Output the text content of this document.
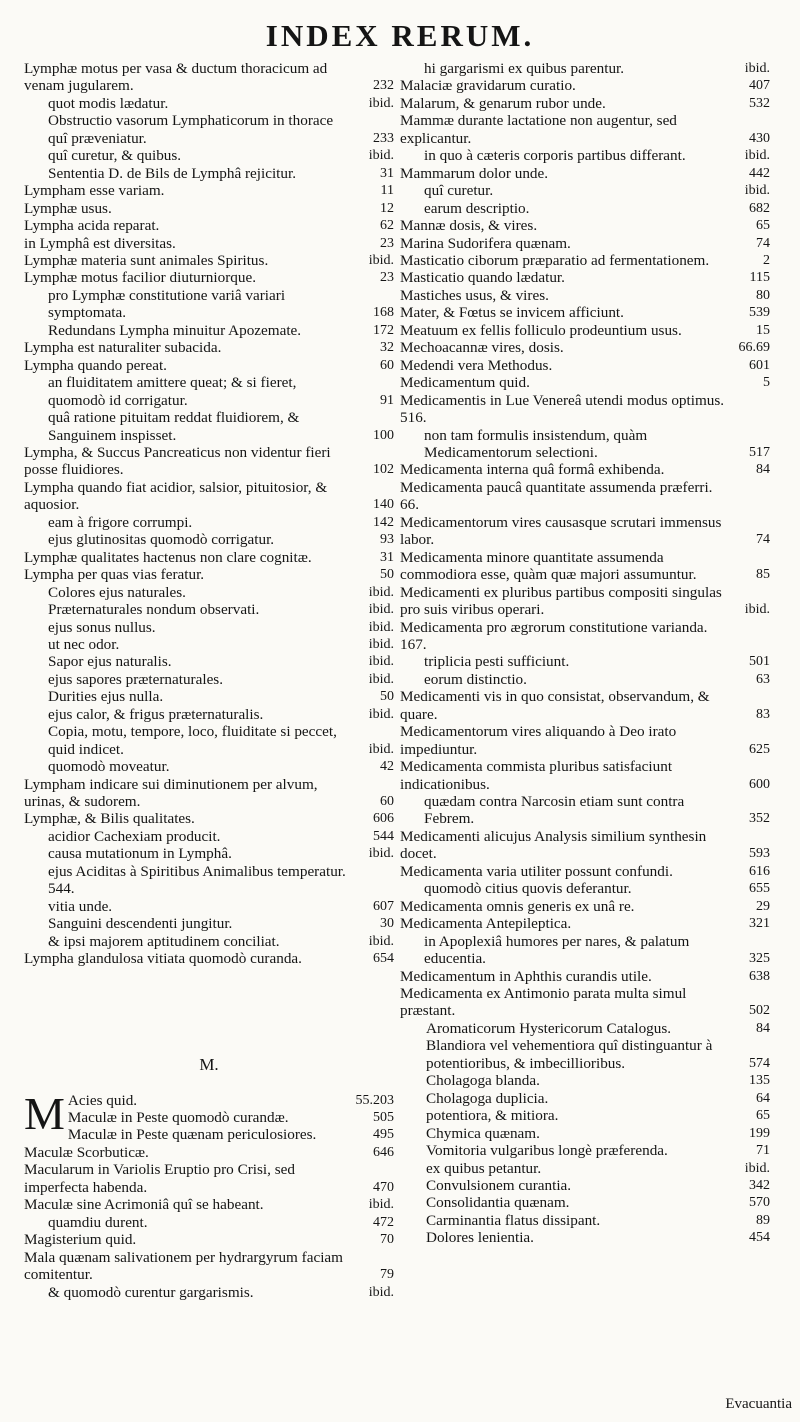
INDEX RERUM.
Lymphæ motus per vasa & ductum thoracicum ad venam jugularem.	232
quot modis lædatur.	ibid.
Obstructio vasorum Lymphaticorum in thorace quî præveniatur.	233
quî curetur, & quibus.	ibid.
Sententia D. de Bils de Lymphâ rejicitur.	31
Lympham esse variam.	11
Lymphæ usus.	12
Lympha acida reparat.	62
in Lymphâ est diversitas.	23
Lymphæ materia sunt animales Spiritus.	ibid.
Lymphæ motus facilior diuturniorque.	23
pro Lymphæ constitutione variâ variari symptomata.	168
Redundans Lympha minuitur Apozemate.	172
Lympha est naturaliter subacida.	32
Lympha quando pereat.	60
an fluiditatem amittere queat; & si fieret, quomodò id corrigatur.	91
quâ ratione pituitam reddat fluidiorem, & Sanguinem inspisset.	100
Lympha, & Succus Pancreaticus non videntur fieri posse fluidiores.	102
Lympha quando fiat acidior, salsior, pituitosior, & aquosior.	140
eam à frigore corrumpi.	142
ejus glutinositas quomodò corrigatur.	93
Lymphæ qualitates hactenus non clare cognitæ.	31
Lympha per quas vias feratur.	50
Colores ejus naturales.	ibid.
Præternaturales nondum observati.	ibid.
ejus sonus nullus.	ibid.
ut nec odor.	ibid.
Sapor ejus naturalis.	ibid.
ejus sapores præternaturales.	ibid.
Durities ejus nulla.	50
ejus calor, & frigus præternaturalis.	ibid.
Copia, motu, tempore, loco, fluiditate si peccet, quid indicet.	ibid.
quomodò moveatur.	42
Lympham indicare sui diminutionem per alvum, urinas, & sudorem.	60
Lymphæ, & Bilis qualitates.	606
acidior Cachexiam producit.	544
causa mutationum in Lymphâ.	ibid.
ejus Aciditas à Spiritibus Animalibus temperatur. 544.
vitia unde.	607
Sanguini descendenti jungitur.	30
& ipsi majorem aptitudinem conciliat.	ibid.
Lympha glandulosa vitiata quomodò curanda.	654
M.
M Acies quid.	55.203
Maculæ in Peste quomodò curandæ.	505
Maculæ in Peste quænam periculosiores.	495
Maculæ Scorbuticæ.	646
Macularum in Variolis Eruptio pro Crisi, sed imperfecta habenda.	470
Maculæ sine Acrimoniâ quî se habeant.	ibid.
quamdiu durent.	472
Magisterium quid.	70
Mala quænam salivationem per hydrargyrum faciam comitentur.	79
& quomodò curentur gargarismis.	ibid.
hi gargarismi ex quibus parentur.	ibid.
Malaciæ gravidarum curatio.	407
Malarum, & genarum rubor unde.	532
Mammæ durante lactatione non augentur, sed explicantur.	430
in quo à cæteris corporis partibus differant.	ibid.
Mammarum dolor unde.	442
quî curetur.	ibid.
earum descriptio.	682
Mannæ dosis, & vires.	65
Marina Sudorifera quænam.	74
Masticatio ciborum præparatio ad fermentationem.	2
Masticatio quando lædatur.	115
Mastiches usus, & vires.	80
Mater, & Fœtus se invicem afficiunt.	539
Meatuum ex fellis folliculo prodeuntium usus.	15
Mechoacannæ vires, dosis.	66.69
Medendi vera Methodus.	601
Medicamentum quid.	5
Medicamentis in Lue Venereâ utendi modus optimus. 516.
non tam formulis insistendum, quàm Medicamentorum selectioni.	517
Medicamenta interna quâ formâ exhibenda.	84
Medicamenta paucâ quantitate assumenda præferri. 66.
Medicamentorum vires causasque scrutari immensus labor.	74
Medicamenta minore quantitate assumenda commodiora esse, quàm quæ majori assumuntur.	85
Medicamenti ex pluribus partibus compositi singulas pro suis viribus operari.	ibid.
Medicamenta pro ægrorum constitutione varianda. 167.
triplicia pesti sufficiunt.	501
eorum distinctio.	63
Medicamenti vis in quo consistat, observandum, & quare.	83
Medicamentorum vires aliquando à Deo irato impediuntur.	625
Medicamenta commista pluribus satisfaciunt indicationibus.	600
quædam contra Narcosin etiam sunt contra Febrem.	352
Medicamenti alicujus Analysis similium synthesin docet.	593
Medicamenta varia utiliter possunt confundi.	616
quomodò citius quovis deferantur.	655
Medicamenta omnis generis ex unâ re.	29
Medicamenta Antepileptica.	321
in Apoplexiâ humores per nares, & palatum educentia.	325
Medicamentum in Aphthis curandis utile.	638
Medicamenta ex Antimonio parata multa simul præstant.	502
Aromaticorum Hystericorum Catalogus.	84
Blandiora vel vehementiora quî distinguantur à potentioribus, & imbecillioribus.	574
Cholagoga blanda.	135
Cholagoga duplicia.	64
potentiora, & mitiora.	65
Chymica quænam.	199
Vomitoria vulgaribus longè præferenda.	71
ex quibus petantur.	ibid.
Convulsionem curantia.	342
Consolidantia quænam.	570
Carminantia flatus dissipant.	89
Dolores lenientia.	454
Evacuantia
